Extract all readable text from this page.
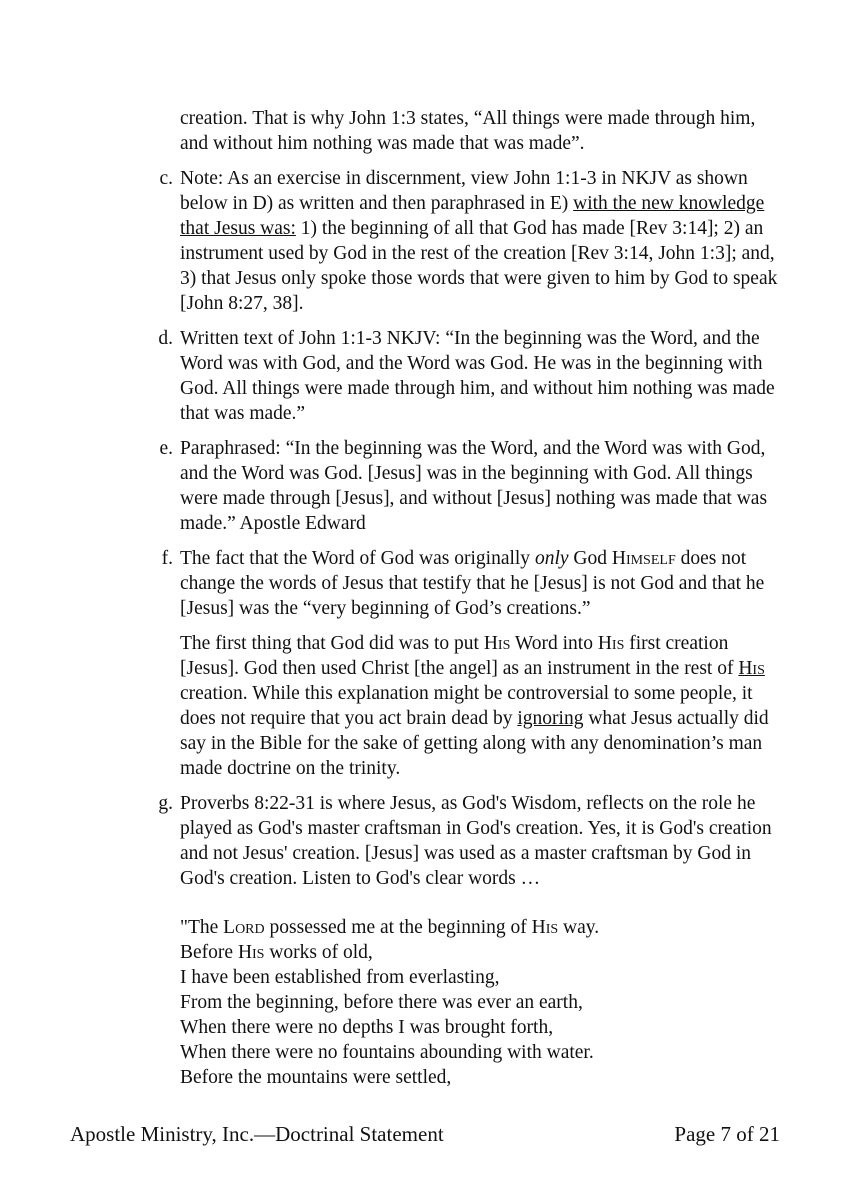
creation. That is why John 1:3 states, “All things were made through him, and without him nothing was made that was made”.

c. Note: As an exercise in discernment, view John 1:1-3 in NKJV as shown below in D) as written and then paraphrased in E) with the new knowledge that Jesus was: 1) the beginning of all that God has made [Rev 3:14]; 2) an instrument used by God in the rest of the creation [Rev 3:14, John 1:3]; and, 3) that Jesus only spoke those words that were given to him by God to speak [John 8:27, 38].

d. Written text of John 1:1-3 NKJV: “In the beginning was the Word, and the Word was with God, and the Word was God. He was in the beginning with God. All things were made through him, and without him nothing was made that was made.”

e. Paraphrased: “In the beginning was the Word, and the Word was with God, and the Word was God. [Jesus] was in the beginning with God. All things were made through [Jesus], and without [Jesus] nothing was made that was made.” Apostle Edward

f. The fact that the Word of God was originally only God Himself does not change the words of Jesus that testify that he [Jesus] is not God and that he [Jesus] was the “very beginning of God’s creations.”

The first thing that God did was to put His Word into His first creation [Jesus]. God then used Christ [the angel] as an instrument in the rest of His creation. While this explanation might be controversial to some people, it does not require that you act brain dead by ignoring what Jesus actually did say in the Bible for the sake of getting along with any denomination’s man made doctrine on the trinity.

g. Proverbs 8:22-31 is where Jesus, as God's Wisdom, reflects on the role he played as God's master craftsman in God's creation. Yes, it is God's creation and not Jesus' creation. [Jesus] was used as a master craftsman by God in God's creation. Listen to God's clear words …

"The Lord possessed me at the beginning of His way.
Before His works of old,
I have been established from everlasting,
From the beginning, before there was ever an earth,
When there were no depths I was brought forth,
When there were no fountains abounding with water.
Before the mountains were settled,
Apostle Ministry, Inc.—Doctrinal Statement	Page 7 of 21
